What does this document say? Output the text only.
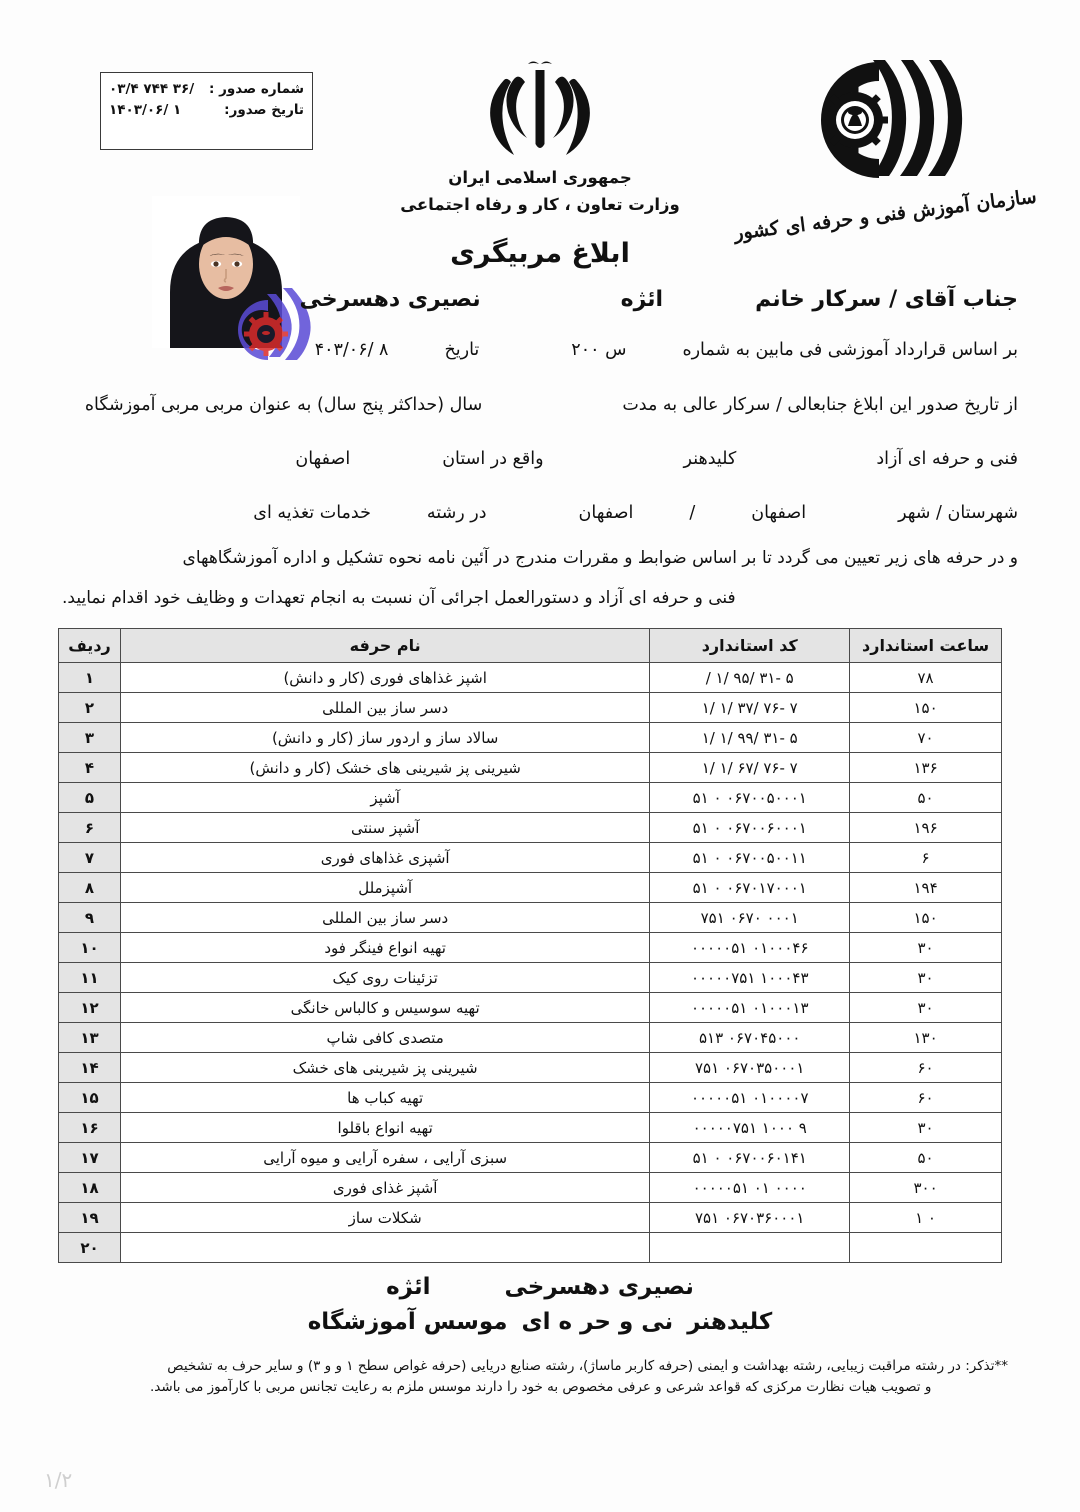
شماره صدور :
۰۳/۴ ۷۴۴ ۳۶/
تاریخ صدور:
۱۴۰۳/۰۶/ ۱
جمهوری اسلامی ایران
وزارت تعاون ، کار و رفاه اجتماعی	سازمان آموزش فنی و حرفه ای کشور
ابلاغ مربیگری
جناب آقای / سرکار خانم
ائژه
نصیری دهسرخی
بر اساس قرارداد آموزشی فی مابین به شماره
س ۲۰۰
تاریخ
۴۰۳/۰۶/ ۸
از تاریخ صدور این ابلاغ جنابعالی / سرکار عالی به مدت
سال (حداکثر پنج سال) به عنوان مربی مربی آموزشگاه
فنی و حرفه ای آزاد
کلیدهنر
واقع در استان
اصفهان
شهرستان / شهر
اصفهان
/
اصفهان
در رشته
خدمات تغذیه ای
و در حرفه های زیر تعیین می گردد تا بر اساس ضوابط و مقررات مندرج در آئین نامه نحوه تشکیل و اداره آموزشگاههای
فنی و حرفه ای آزاد و دستورالعمل اجرائی آن نسبت به انجام تعهدات و وظایف خود اقدام نمایید.
ساعت استاندارد	کد استاندارد	نام حرفه	ردیف
۷۸	/ ۱/ ۹۵/ ۳۱- ۵	اشپز غذاهای فوری (کار و دانش)	۱
۱۵۰	۱/ ۱/ ۳۷/ ۷۶- ۷	دسر ساز بین المللی	۲
۷۰	۱/ ۱/ ۹۹/ ۳۱- ۵	سالاد ساز و اردور ساز (کار و دانش)	۳
۱۳۶	۱/ ۱/ ۶۷/ ۷۶- ۷	شیرینی پز شیرینی های خشک (کار و دانش)	۴
۵۰	۵۱ ۰ ۰۶۷۰۰۵۰۰۰۱	آشپز	۵
۱۹۶	۵۱ ۰ ۰۶۷۰۰۶۰۰۰۱	آشپز سنتی	۶
۶	۵۱ ۰ ۰۶۷۰۰۵۰۰۱۱	آشپزی غذاهای فوری	۷
۱۹۴	۵۱ ۰ ۰۶۷۰۱۷۰۰۰۱	آشپزملل	۸
۱۵۰	۷۵۱ ۰۶۷۰ ۰۰۰۱	دسر ساز بین المللی	۹
۳۰	۰۰۰۰۰۵۱ ۰۱۰۰۰۴۶	تهیه انواع فینگر فود	۱۰
۳۰	۰۰۰۰۰۷۵۱ ۱۰۰۰۴۳	تزئینات روی کیک	۱۱
۳۰	۰۰۰۰۰۵۱ ۰۱۰۰۰۱۳	تهیه سوسیس و کالباس خانگی	۱۲
۱۳۰	۵۱۳ ۰۶۷۰۴۵۰۰۰	متصدی کافی شاپ	۱۳
۶۰	۷۵۱ ۰۶۷۰۳۵۰۰۰۱	شیرینی پز شیرینی های خشک	۱۴
۶۰	۰۰۰۰۰۵۱ ۰۱۰۰۰۰۷	تهیه کباب ها	۱۵
۳۰	۰۰۰۰۰۷۵۱ ۱۰۰۰ ۹	تهیه انواع باقلوا	۱۶
۵۰	۵۱ ۰ ۰۶۷۰۰۶۰۱۴۱	سبزی آرایی ، سفره آرایی و میوه آرایی	۱۷
۳۰۰	۰۰۰۰۰۵۱ ۰۱ ۰۰۰۰	آشپز غذای فوری	۱۸
۱ ۰	۷۵۱ ۰۶۷۰۳۶۰۰۰۱	شکلات ساز	۱۹
			۲۰
نصیری دهسرخی
ائژه
کلیدهنر
نی و حر ه ای
موسس آموزشگاه
**تذکر: در رشته مراقبت زیبایی، رشته بهداشت و ایمنی (حرفه کاربر ماساژ)، رشته صنایع دریایی (حرفه غواص سطح ۱ و و ۳) و سایر حرف به تشخیص
و تصویب هیات نظارت مرکزی که قواعد شرعی و عرفی مخصوص به خود را دارند موسس ملزم به رعایت تجانس مربی با کارآموز می باشد.
۱/۲
